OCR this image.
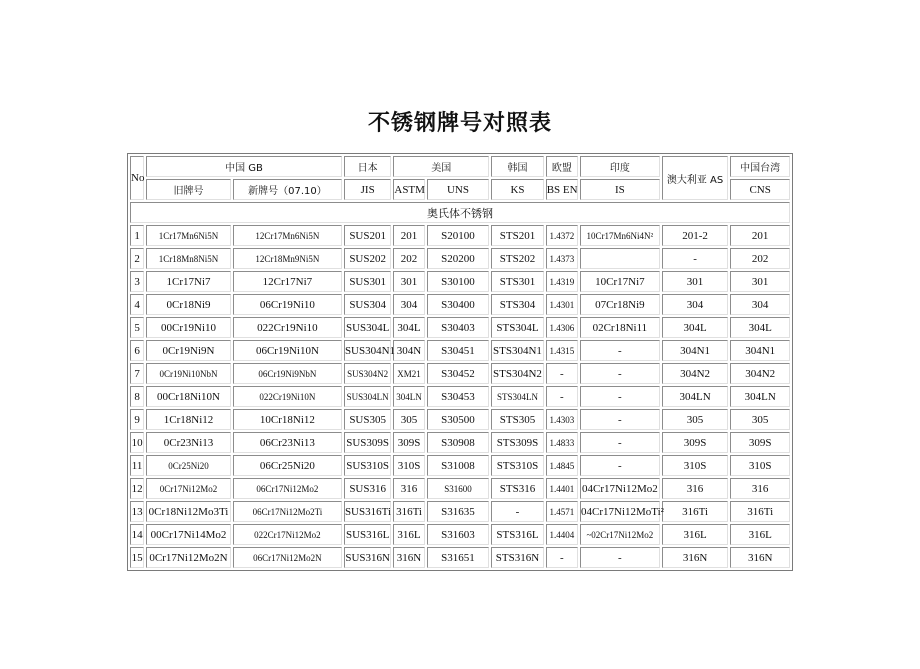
不锈钢牌号对照表
No	中国 GB		日本	美国		韩国	欧盟	印度	澳大利亚 AS	中国台湾
	旧牌号	新牌号（07.10）	JIS	ASTM	UNS	KS	BS EN	IS		CNS
奥氏体不锈钢										
1	1Cr17Mn6Ni5N	12Cr17Mn6Ni5N	SUS201	201	S20100	STS201	1.4372	10Cr17Mn6Ni4N²	201-2	201
2	1Cr18Mn8Ni5N	12Cr18Mn9Ni5N	SUS202	202	S20200	STS202	1.4373		-	202
3	1Cr17Ni7	12Cr17Ni7	SUS301	301	S30100	STS301	1.4319	10Cr17Ni7	301	301
4	0Cr18Ni9	06Cr19Ni10	SUS304	304	S30400	STS304	1.4301	07Cr18Ni9	304	304
5	00Cr19Ni10	022Cr19Ni10	SUS304L	304L	S30403	STS304L	1.4306	02Cr18Ni11	304L	304L
6	0Cr19Ni9N	06Cr19Ni10N	SUS304N1	304N	S30451	STS304N1	1.4315	-	304N1	304N1
7	0Cr19Ni10NbN	06Cr19Ni9NbN	SUS304N2	XM21	S30452	STS304N2	-	-	304N2	304N2
8	00Cr18Ni10N	022Cr19Ni10N	SUS304LN	304LN	S30453	STS304LN	-	-	304LN	304LN
9	1Cr18Ni12	10Cr18Ni12	SUS305	305	S30500	STS305	1.4303	-	305	305
10	0Cr23Ni13	06Cr23Ni13	SUS309S	309S	S30908	STS309S	1.4833	-	309S	309S
11	0Cr25Ni20	06Cr25Ni20	SUS310S	310S	S31008	STS310S	1.4845	-	310S	310S
12	0Cr17Ni12Mo2	06Cr17Ni12Mo2	SUS316	316	S31600	STS316	1.4401	04Cr17Ni12Mo2	316	316
13	0Cr18Ni12Mo3Ti	06Cr17Ni12Mo2Ti	SUS316Ti	316Ti	S31635	-	1.4571	04Cr17Ni12MoTi²	316Ti	316Ti
14	00Cr17Ni14Mo2	022Cr17Ni12Mo2	SUS316L	316L	S31603	STS316L	1.4404	~02Cr17Ni12Mo2	316L	316L
15	0Cr17Ni12Mo2N	06Cr17Ni12Mo2N	SUS316N	316N	S31651	STS316N	-	-	316N	316N
